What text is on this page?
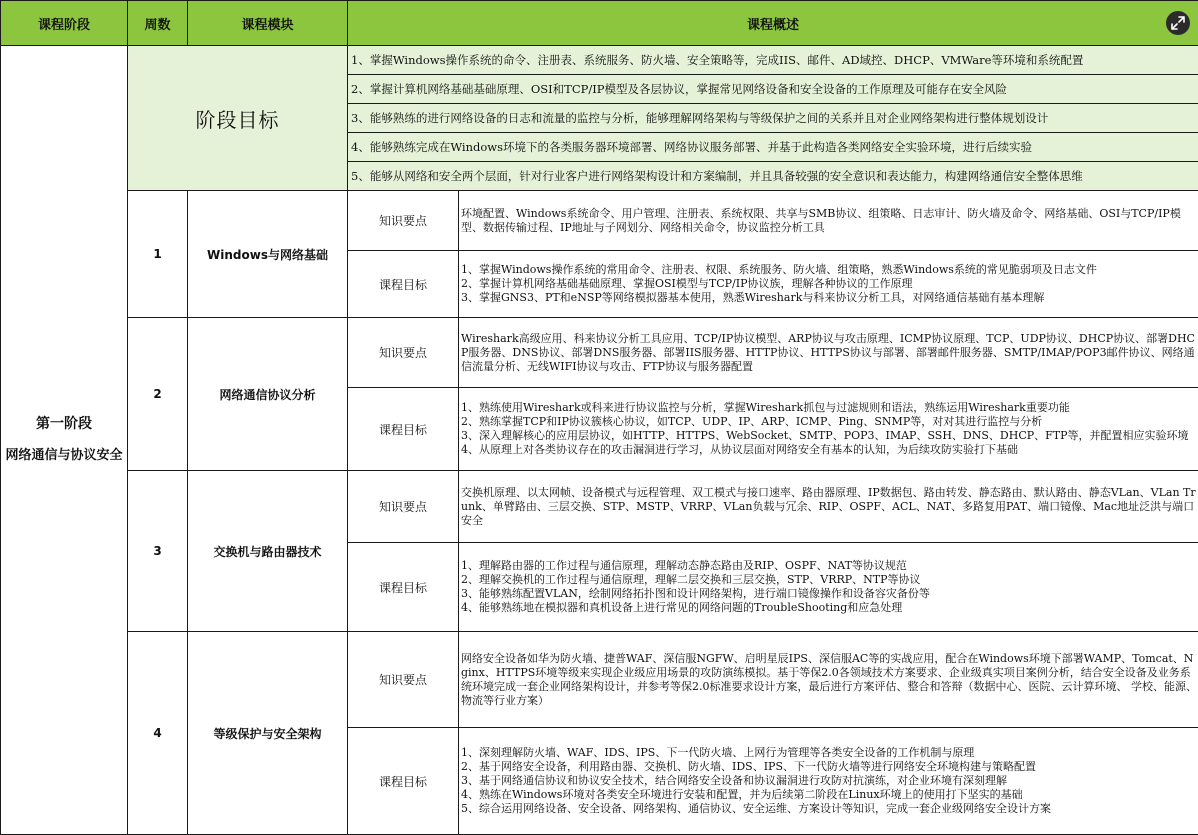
课程阶段	周数	课程模块	课程概述	

第一阶段
网络通信与协议安全	阶段目标		1、掌握Windows操作系统的命令、注册表、系统服务、防火墙、安全策略等，完成IIS、邮件、AD域控、DHCP、VMWare等环境和系统配置	
			2、掌握计算机网络基础基础原理、OSI和TCP/IP模型及各层协议，掌握常见网络设备和安全设备的工作原理及可能存在安全风险	
			3、能够熟练的进行网络设备的日志和流量的监控与分析，能够理解网络架构与等级保护之间的关系并且对企业网络架构进行整体规划设计	
			4、能够熟练完成在Windows环境下的各类服务器环境部署、网络协议服务部署、并基于此构造各类网络安全实验环境，进行后续实验	
			5、能够从网络和安全两个层面，针对行业客户进行网络架构设计和方案编制，并且具备较强的安全意识和表达能力，构建网络通信安全整体思维	
	1	Windows与网络基础	知识要点	环境配置、Windows系统命令、用户管理、注册表、系统权限、共享与SMB协议、组策略、日志审计、防火墙及命令、网络基础、OSI与TCP/IP模型、数据传输过程、IP地址与子网划分、网络相关命令，协议监控分析工具
			课程目标	1、掌握Windows操作系统的常用命令、注册表、权限、系统服务、防火墙、组策略，熟悉Windows系统的常见脆弱项及日志文件
2、掌握计算机网络基础基础原理、掌握OSI模型与TCP/IP协议族，理解各种协议的工作原理
3、掌握GNS3、PT和eNSP等网络模拟器基本使用，熟悉Wireshark与科来协议分析工具，对网络通信基础有基本理解

	2	网络通信协议分析	知识要点	Wireshark高级应用、科来协议分析工具应用、TCP/IP协议模型、ARP协议与攻击原理、ICMP协议原理、TCP、UDP协议、DHCP协议、部署DHCP服务器、DNS协议、部署DNS服务器、部署IIS服务器、HTTP协议、HTTPS协议与部署、部署邮件服务器、SMTP/IMAP/POP3邮件协议、网络通信流量分析、无线WIFI协议与攻击、FTP协议与服务器配置
			课程目标	1、熟练使用Wireshark或科来进行协议监控与分析，掌握Wireshark抓包与过滤规则和语法，熟练运用Wireshark重要功能
2、熟练掌握TCP和IP协议簇核心协议，如TCP、UDP、IP、ARP、ICMP、Ping、SNMP等，对对其进行监控与分析
3、深入理解核心的应用层协议，如HTTP、HTTPS、WebSocket、SMTP、POP3、IMAP、SSH、DNS、DHCP、FTP等，并配置相应实验环境
4、从原理上对各类协议存在的攻击漏洞进行学习，从协议层面对网络安全有基本的认知，为后续攻防实验打下基础

	3	交换机与路由器技术	知识要点	交换机原理、以太网帧、设备模式与远程管理、双工模式与接口速率、路由器原理、IP数据包、路由转发、静态路由、默认路由、静态VLan、VLan Trunk、单臂路由、三层交换、STP、MSTP、VRRP、VLan负载与冗余、RIP、OSPF、ACL、NAT、多路复用PAT、端口镜像、Mac地址泛洪与端口安全
			课程目标	1、理解路由器的工作过程与通信原理，理解动态静态路由及RIP、OSPF、NAT等协议规范
2、理解交换机的工作过程与通信原理，理解二层交换和三层交换，STP、VRRP、NTP等协议
3、能够熟练配置VLAN，绘制网络拓扑图和设计网络架构，进行端口镜像操作和设备容灾备份等
4、能够熟练地在模拟器和真机设备上进行常见的网络问题的TroubleShooting和应急处理

	4	等级保护与安全架构	知识要点	网络安全设备如华为防火墙、捷普WAF、深信服NGFW、启明星辰IPS、深信服AC等的实战应用，配合在Windows环境下部署WAMP、Tomcat、Nginx、HTTPS环境等级来实现企业级应用场景的攻防演练模拟。基于等保2.0各领域技术方案要求、企业级真实项目案例分析，结合安全设备及业务系统环境完成一套企业网络架构设计，并参考等保2.0标准要求设计方案，最后进行方案评估、整合和答辩（数据中心、医院、云计算环境、 学校、能源、物流等行业方案）
			课程目标	1、深刻理解防火墙、WAF、IDS、IPS、下一代防火墙、上网行为管理等各类安全设备的工作机制与原理
2、基于网络安全设备，利用路由器、交换机、防火墙、IDS、IPS、下一代防火墙等进行网络安全环境构建与策略配置
3、基于网络通信协议和协议安全技术，结合网络安全设备和协议漏洞进行攻防对抗演练，对企业环境有深刻理解
4、熟练在Windows环境对各类安全环境进行安装和配置，并为后续第二阶段在Linux环境上的使用打下坚实的基础
5、综合运用网络设备、安全设备、网络架构、通信协议、安全运维、方案设计等知识，完成一套企业级网络安全设计方案
